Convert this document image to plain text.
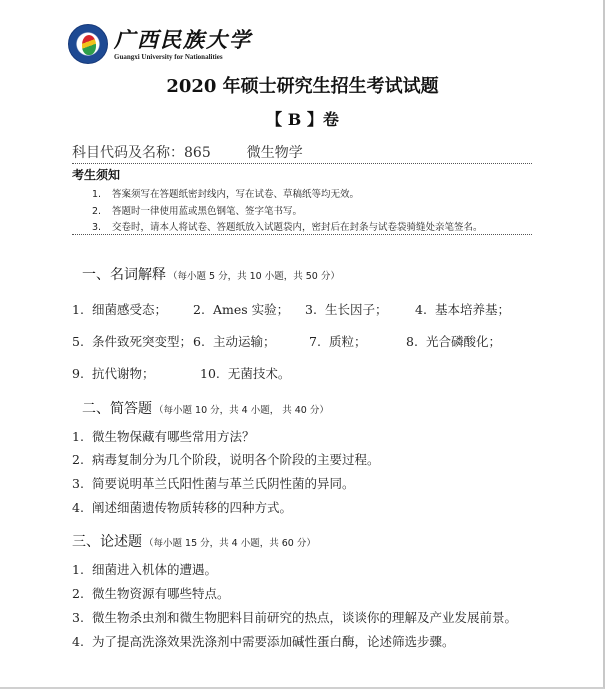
广西民族大学
Guangxi University for Nationalities
2020 年硕士研究生招生考试试题
【 B 】卷
科目代码及名称：865	微生物学
考生须知
1. 答案须写在答题纸密封线内，写在试卷、草稿纸等均无效。
2. 答题时一律使用蓝或黑色钢笔、签字笔书写。
3. 交卷时，请本人将试卷、答题纸放入试题袋内，密封后在封条与试卷袋骑缝处亲笔签名。
一、名词解释 （每小题 5 分，共 10 小题，共 50 分）
1. 细菌感受态； 2. Ames 实验； 3. 生长因子； 4. 基本培养基；
5. 条件致死突变型； 6. 主动运输；	7. 质粒；	8. 光合磷酸化；
9. 抗代谢物；	10. 无菌技术。
二、简答题 （每小题 10 分，共 4 小题， 共 40 分）
1. 微生物保藏有哪些常用方法？
2. 病毒复制分为几个阶段，说明各个阶段的主要过程。
3. 简要说明革兰氏阳性菌与革兰氏阴性菌的异同。
4. 阐述细菌遗传物质转移的四种方式。
三、论述题 （每小题 15 分，共 4 小题，共 60 分）
1. 细菌进入机体的遭遇。
2. 微生物资源有哪些特点。
3. 微生物杀虫剂和微生物肥料目前研究的热点，谈谈你的理解及产业发展前景。
4. 为了提高洗涤效果洗涤剂中需要添加碱性蛋白酶，论述筛选步骤。
